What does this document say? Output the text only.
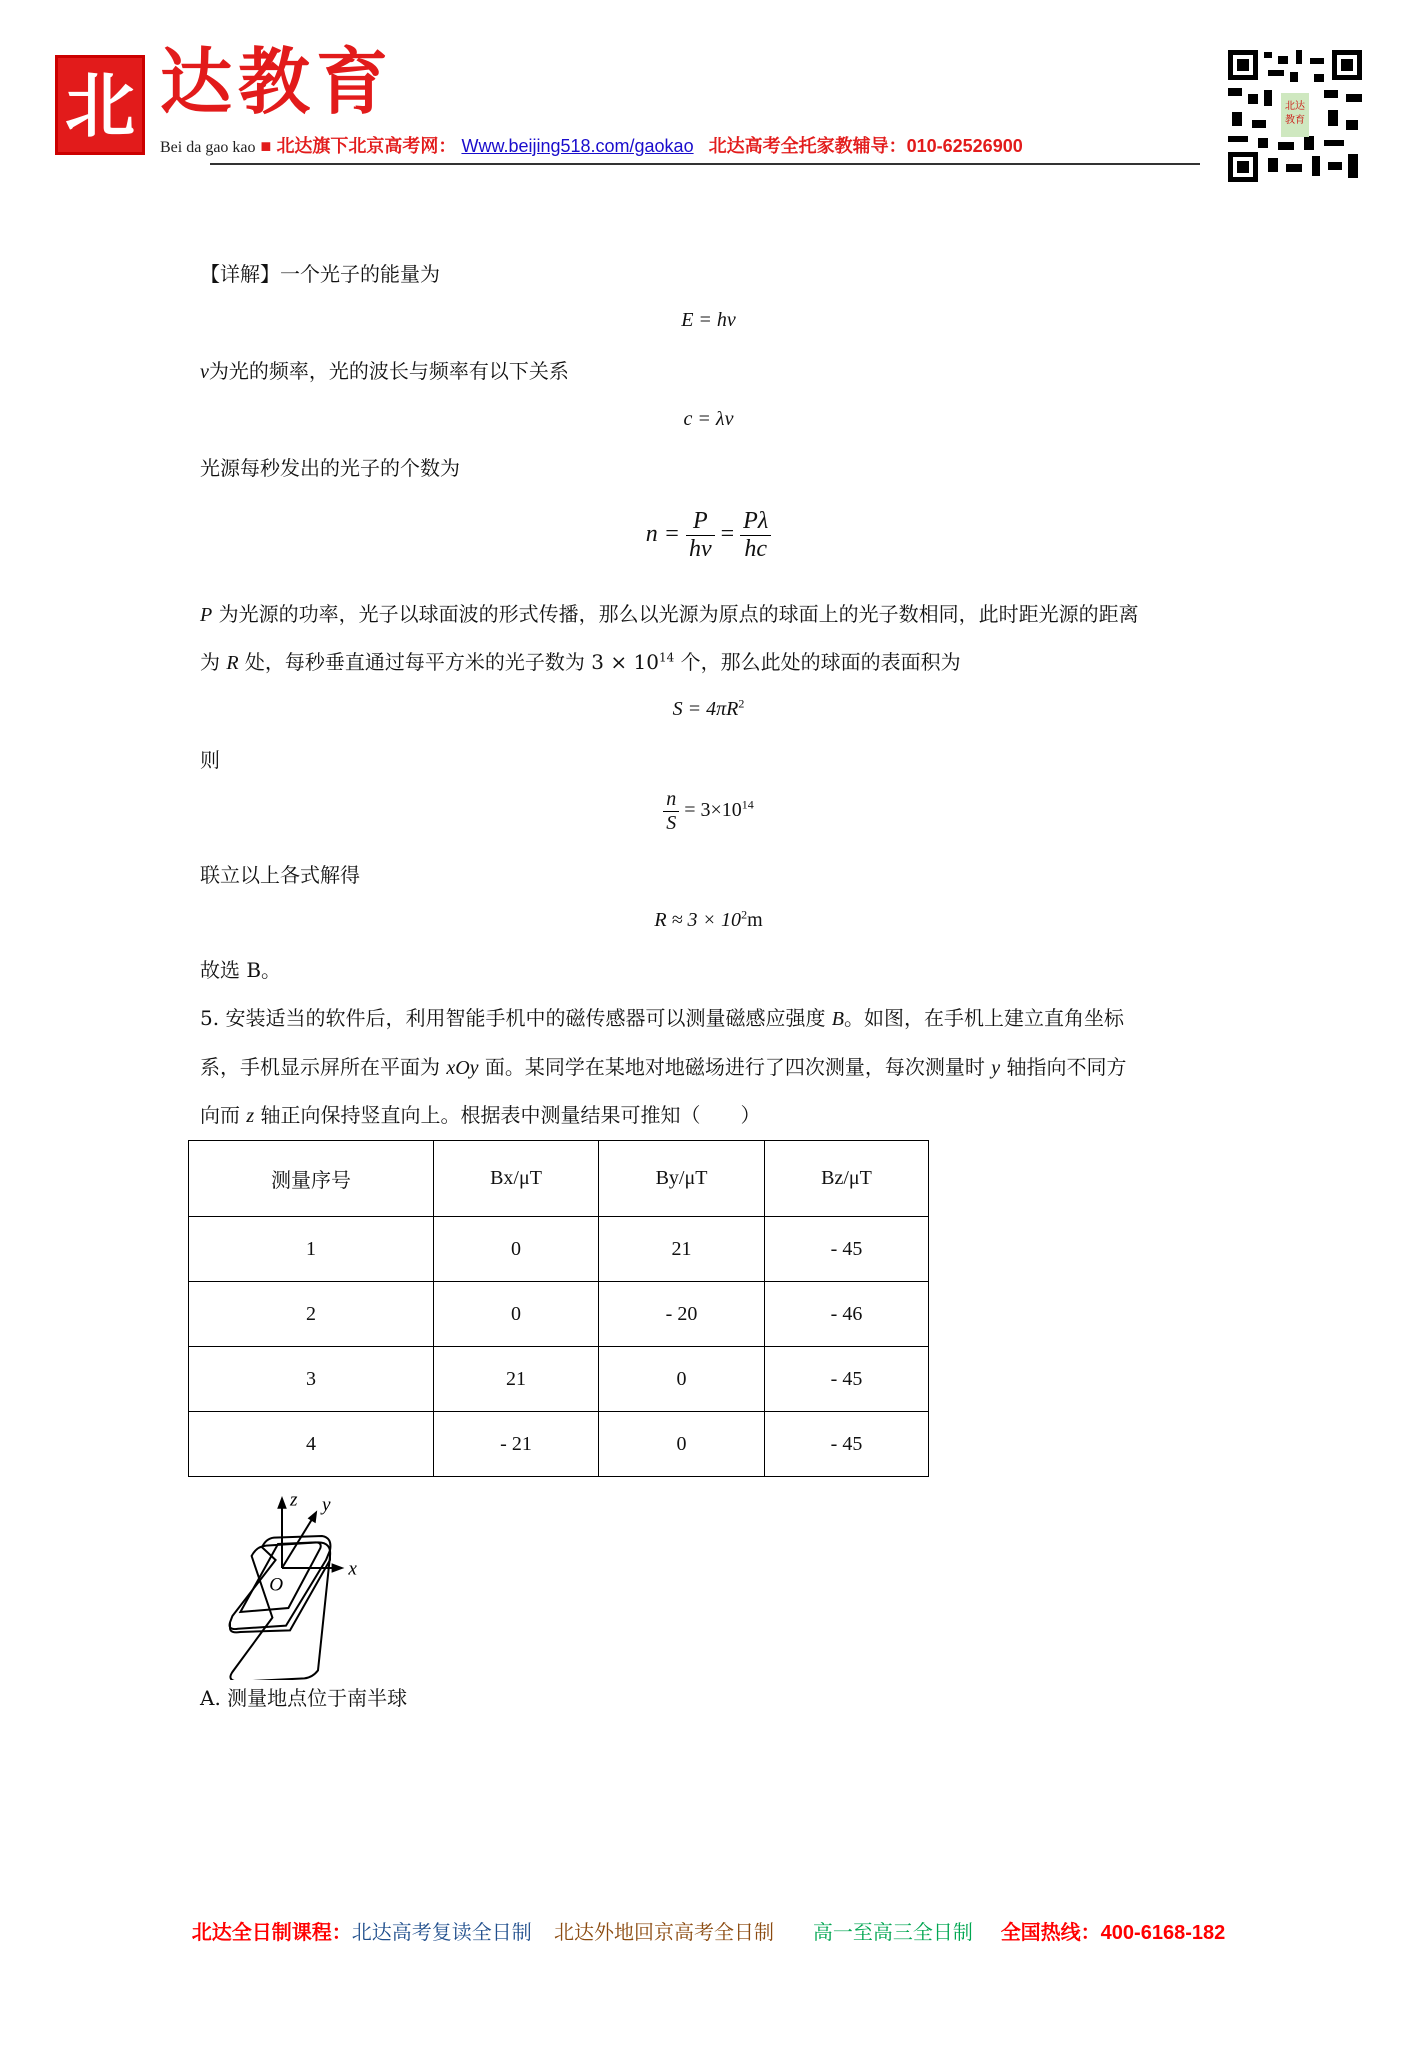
北 达教育
Bei da gao kao ■ 北达旗下北京高考网： Www.beijing518.com/gaokao 北达高考全托家教辅导：010-62526900
北达教育
【详解】一个光子的能量为
E = hν
ν为光的频率，光的波长与频率有以下关系
c = λν
光源每秒发出的光子的个数为
$n = \frac{P}{h\nu} = \frac{P\lambda}{hc}$
P 为光源的功率，光子以球面波的形式传播，那么以光源为原点的球面上的光子数相同，此时距光源的距离
为 R 处，每秒垂直通过每平方米的光子数为 $3 \times 10^{14}$ 个，那么此处的球面的表面积为
$S = 4\pi R^2$
则
$\frac{n}{S} = 3\times 10^{14}$
联立以上各式解得
$R \approx 3 \times 10^2m$
故选 B。
5. 安装适当的软件后，利用智能手机中的磁传感器可以测量磁感应强度 B。如图，在手机上建立直角坐标
系，手机显示屏所在平面为 xOy 面。某同学在某地对地磁场进行了四次测量，每次测量时 y 轴指向不同方
向而 z 轴正向保持竖直向上。根据表中测量结果可推知（　　）
测量序号	Bx/μT	By/μT	Bz/μT
1	0	21	- 45
2	0	- 20	- 46
3	21	0	- 45
4	- 21	0	- 45
z y
x
O
A. 测量地点位于南半球
北达全日制课程：北达高考复读全日制 北达外地回京高考全日制 高一至高三全日制 全国热线：400-6168-182
